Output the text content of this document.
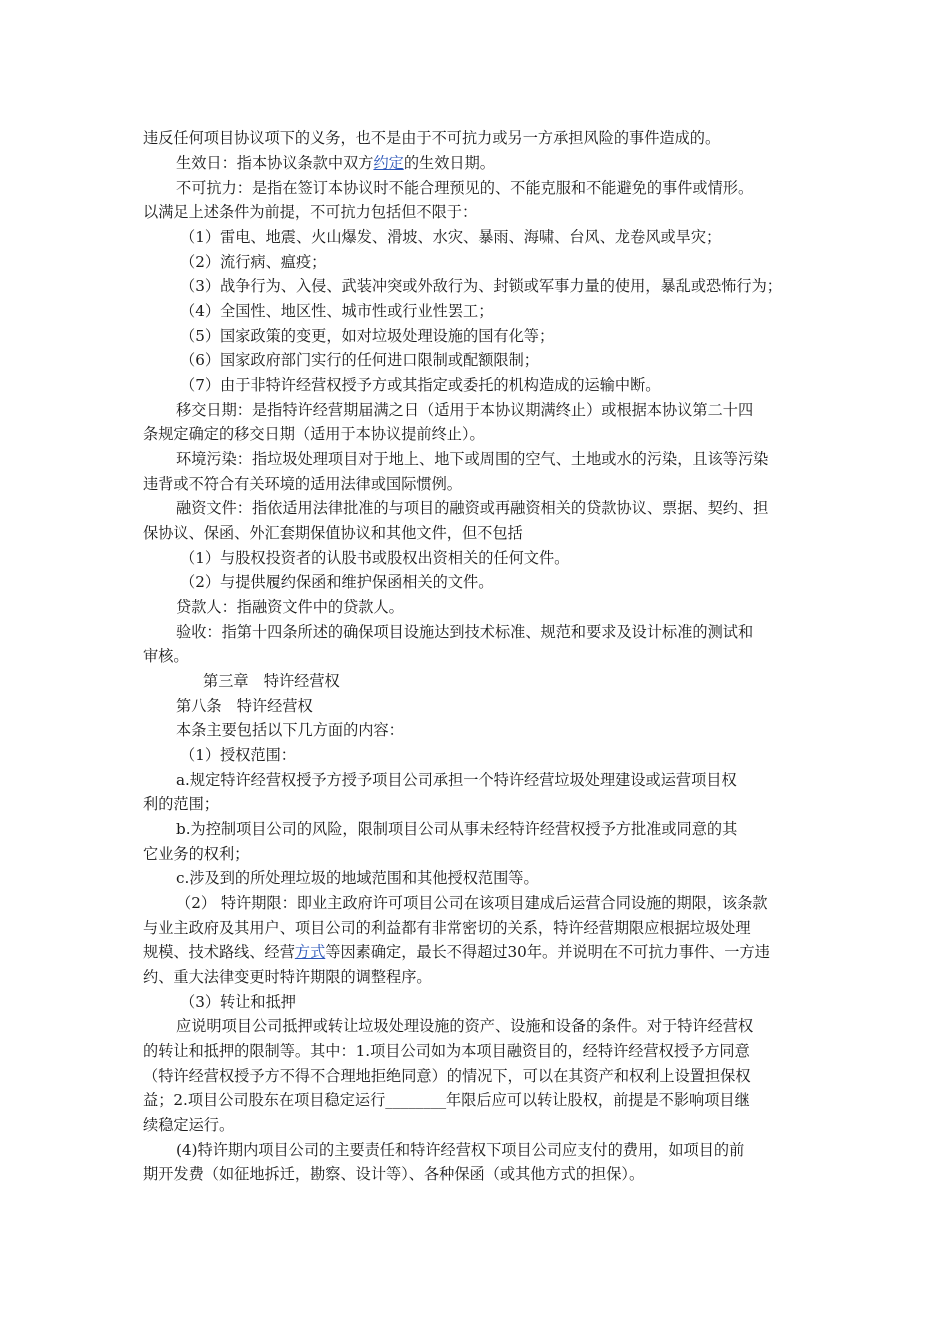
违反任何项目协议项下的义务，也不是由于不可抗力或另一方承担风险的事件造成的。
生效日：指本协议条款中双方约定的生效日期。
不可抗力：是指在签订本协议时不能合理预见的、不能克服和不能避免的事件或情形。
以满足上述条件为前提，不可抗力包括但不限于：
（1）雷电、地震、火山爆发、滑坡、水灾、暴雨、海啸、台风、龙卷风或旱灾；
（2）流行病、瘟疫；
（3）战争行为、入侵、武装冲突或外敌行为、封锁或军事力量的使用，暴乱或恐怖行为；
（4）全国性、地区性、城市性或行业性罢工；
（5）国家政策的变更，如对垃圾处理设施的国有化等；
（6）国家政府部门实行的任何进口限制或配额限制；
（7）由于非特许经营权授予方或其指定或委托的机构造成的运输中断。
移交日期：是指特许经营期届满之日（适用于本协议期满终止）或根据本协议第二十四
条规定确定的移交日期（适用于本协议提前终止）。
环境污染：指垃圾处理项目对于地上、地下或周围的空气、土地或水的污染，且该等污染
违背或不符合有关环境的适用法律或国际惯例。
融资文件：指依适用法律批准的与项目的融资或再融资相关的贷款协议、票据、契约、担
保协议、保函、外汇套期保值协议和其他文件，但不包括
（1）与股权投资者的认股书或股权出资相关的任何文件。
（2）与提供履约保函和维护保函相关的文件。
贷款人：指融资文件中的贷款人。
验收：指第十四条所述的确保项目设施达到技术标准、规范和要求及设计标准的测试和
审核。
第三章　特许经营权
第八条　特许经营权
本条主要包括以下几方面的内容：
（1）授权范围：
a.规定特许经营权授予方授予项目公司承担一个特许经营垃圾处理建设或运营项目权
利的范围；
b.为控制项目公司的风险，限制项目公司从事未经特许经营权授予方批准或同意的其
它业务的权利；
c.涉及到的所处理垃圾的地域范围和其他授权范围等。
（2） 特许期限：即业主政府许可项目公司在该项目建成后运营合同设施的期限，该条款
与业主政府及其用户、项目公司的利益都有非常密切的关系，特许经营期限应根据垃圾处理
规模、技术路线、经营方式等因素确定，最长不得超过30年。并说明在不可抗力事件、一方违
约、重大法律变更时特许期限的调整程序。
（3）转让和抵押
应说明项目公司抵押或转让垃圾处理设施的资产、设施和设备的条件。对于特许经营权
的转让和抵押的限制等。其中：1.项目公司如为本项目融资目的，经特许经营权授予方同意
（特许经营权授予方不得不合理地拒绝同意）的情况下，可以在其资产和权利上设置担保权
益；2.项目公司股东在项目稳定运行________年限后应可以转让股权，前提是不影响项目继
续稳定运行。
(4)特许期内项目公司的主要责任和特许经营权下项目公司应支付的费用，如项目的前
期开发费（如征地拆迁，勘察、设计等）、各种保函（或其他方式的担保）。
